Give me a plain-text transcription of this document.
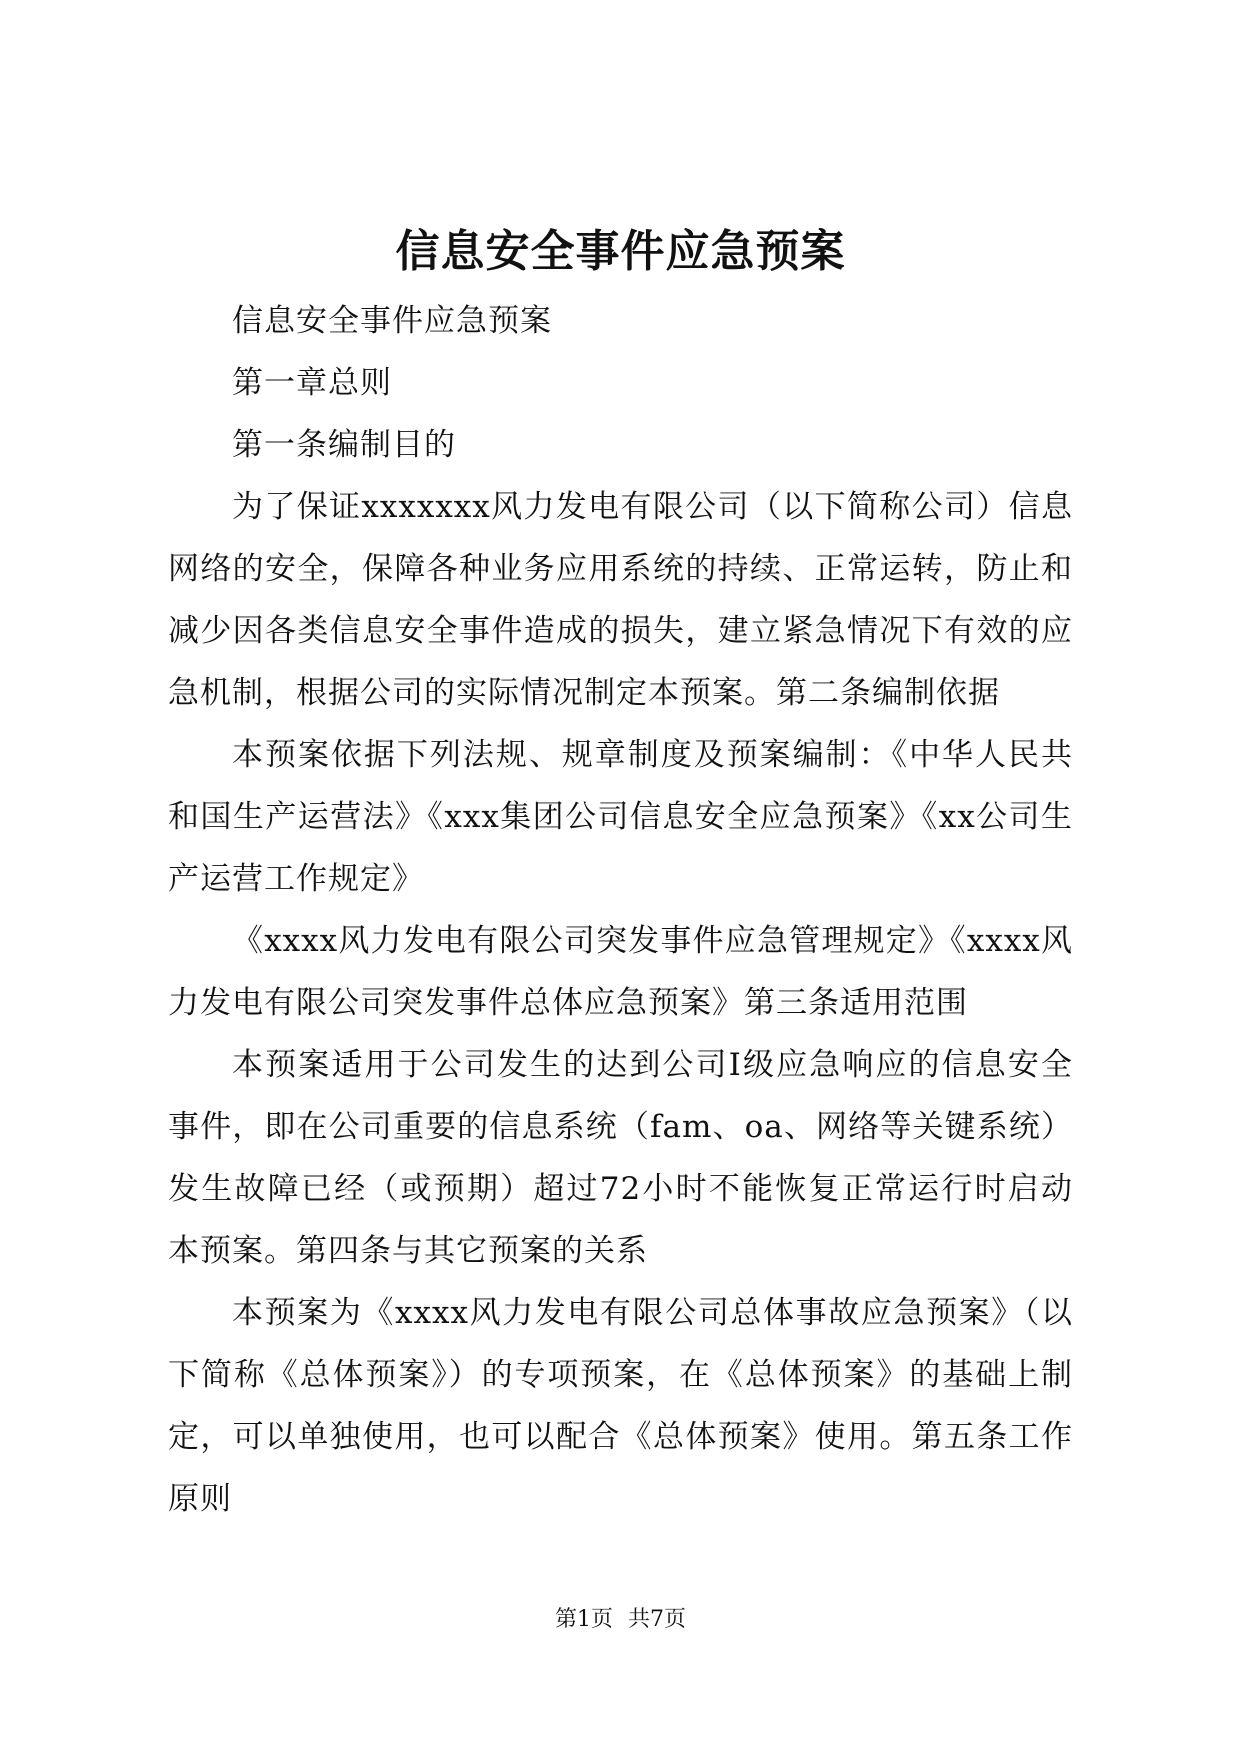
信息安全事件应急预案

信息安全事件应急预案

第一章总则

第一条编制目的

为了保证xxxxxxx风力发电有限公司（以下简称公司）信息网络的安全，保障各种业务应用系统的持续、正常运转，防止和减少因各类信息安全事件造成的损失，建立紧急情况下有效的应急机制，根据公司的实际情况制定本预案。第二条编制依据

本预案依据下列法规、规章制度及预案编制：《中华人民共和国生产运营法》《xxx集团公司信息安全应急预案》《xx公司生产运营工作规定》

《xxxx风力发电有限公司突发事件应急管理规定》《xxxx风力发电有限公司突发事件总体应急预案》第三条适用范围

本预案适用于公司发生的达到公司Ⅰ级应急响应的信息安全事件，即在公司重要的信息系统（fam、oa、网络等关键系统）发生故障已经（或预期）超过72小时不能恢复正常运行时启动本预案。第四条与其它预案的关系

本预案为《xxxx风力发电有限公司总体事故应急预案》（以下简称《总体预案》）的专项预案，在《总体预案》的基础上制定，可以单独使用，也可以配合《总体预案》使用。第五条工作原则

第1页 共7页
